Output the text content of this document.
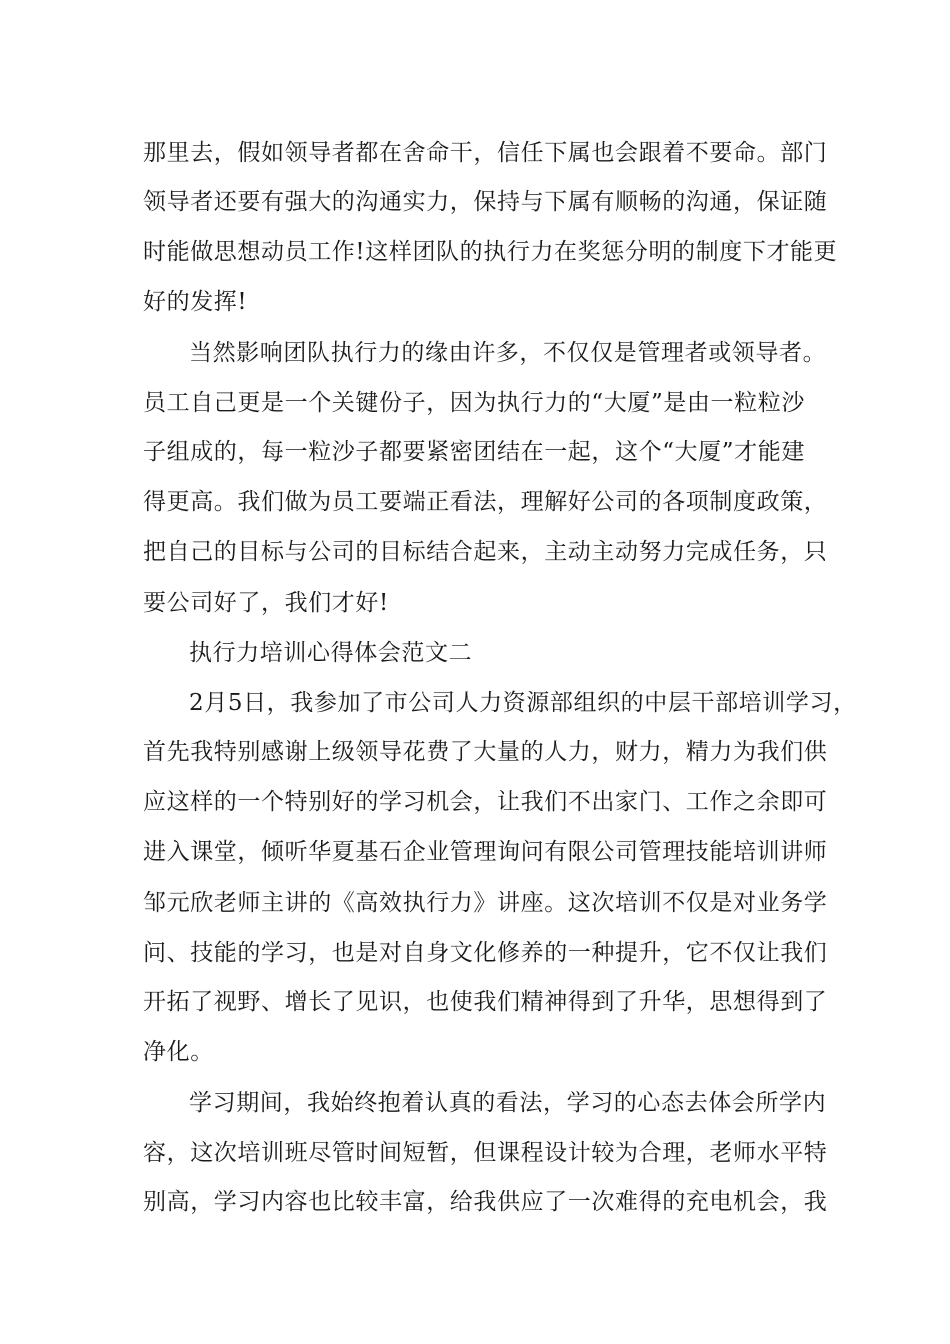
那里去，假如领导者都在舍命干，信任下属也会跟着不要命。部门
领导者还要有强大的沟通实力，保持与下属有顺畅的沟通，保证随
时能做思想动员工作!这样团队的执行力在奖惩分明的制度下才能更
好的发挥!
当然影响团队执行力的缘由许多，不仅仅是管理者或领导者。
员工自己更是一个关键份子，因为执行力的“大厦”是由一粒粒沙
子组成的，每一粒沙子都要紧密团结在一起，这个“大厦”才能建
得更高。我们做为员工要端正看法，理解好公司的各项制度政策，
把自己的目标与公司的目标结合起来，主动主动努力完成任务，只
要公司好了，我们才好!
执行力培训心得体会范文二
2月5日，我参加了市公司人力资源部组织的中层干部培训学习，
首先我特别感谢上级领导花费了大量的人力，财力，精力为我们供
应这样的一个特别好的学习机会，让我们不出家门、工作之余即可
进入课堂，倾听华夏基石企业管理询问有限公司管理技能培训讲师
邹元欣老师主讲的《高效执行力》讲座。这次培训不仅是对业务学
问、技能的学习，也是对自身文化修养的一种提升，它不仅让我们
开拓了视野、增长了见识，也使我们精神得到了升华，思想得到了
净化。
学习期间，我始终抱着认真的看法，学习的心态去体会所学内
容，这次培训班尽管时间短暂，但课程设计较为合理，老师水平特
别高，学习内容也比较丰富，给我供应了一次难得的充电机会，我
